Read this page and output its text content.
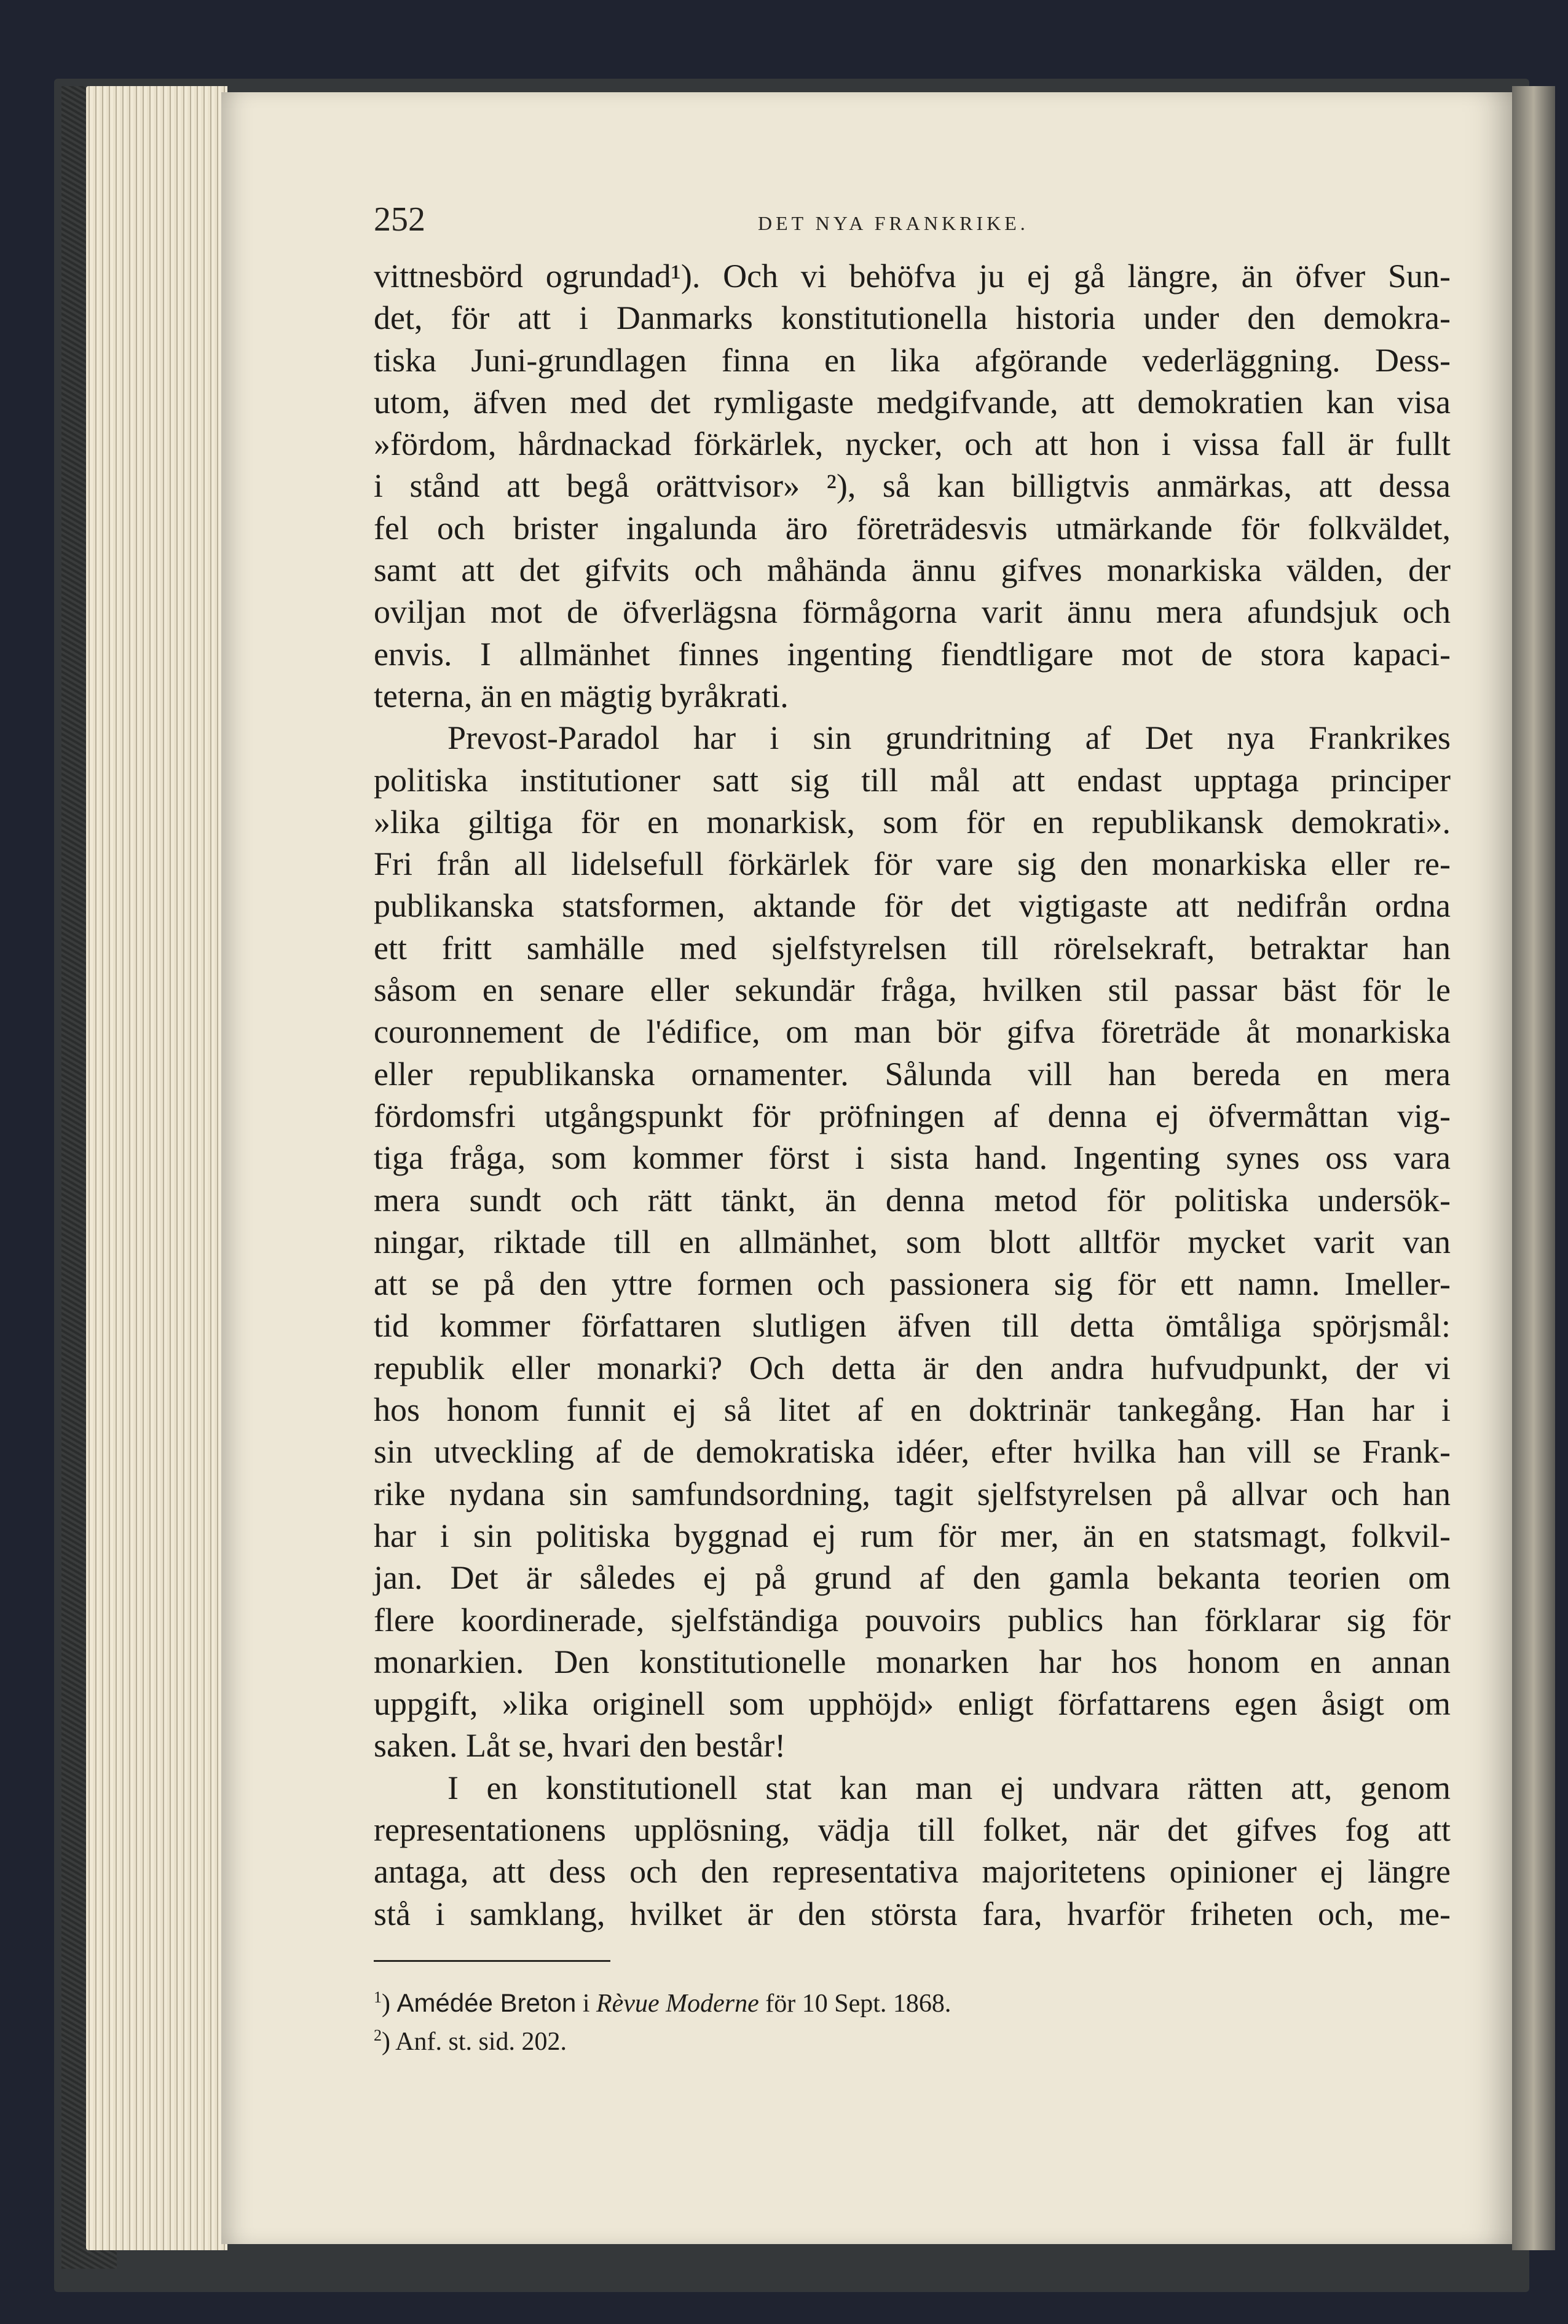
252	DET NYA FRANKRIKE.
vittnesbörd ogrundad¹). Och vi behöfva ju ej gå längre, än öfver Sun-
det, för att i Danmarks konstitutionella historia under den demokra-
tiska Juni-grundlagen finna en lika afgörande vederläggning. Dess-
utom, äfven med det rymligaste medgifvande, att demokratien kan visa
»fördom, hårdnackad förkärlek, nycker, och att hon i vissa fall är fullt
i stånd att begå orättvisor» ²), så kan billigtvis anmärkas, att dessa
fel och brister ingalunda äro företrädesvis utmärkande för folkväldet,
samt att det gifvits och måhända ännu gifves monarkiska välden, der
oviljan mot de öfverlägsna förmågorna varit ännu mera afundsjuk och
envis. I allmänhet finnes ingenting fiendtligare mot de stora kapaci-
teterna, än en mägtig byråkrati.
Prevost-Paradol har i sin grundritning af Det nya Frankrikes
politiska institutioner satt sig till mål att endast upptaga principer
»lika giltiga för en monarkisk, som för en republikansk demokrati».
Fri från all lidelsefull förkärlek för vare sig den monarkiska eller re-
publikanska statsformen, aktande för det vigtigaste att nedifrån ordna
ett fritt samhälle med sjelfstyrelsen till rörelsekraft, betraktar han
såsom en senare eller sekundär fråga, hvilken stil passar bäst för le
couronnement de l'édifice, om man bör gifva företräde åt monarkiska
eller republikanska ornamenter. Sålunda vill han bereda en mera
fördomsfri utgångspunkt för pröfningen af denna ej öfvermåttan vig-
tiga fråga, som kommer först i sista hand. Ingenting synes oss vara
mera sundt och rätt tänkt, än denna metod för politiska undersök-
ningar, riktade till en allmänhet, som blott alltför mycket varit van
att se på den yttre formen och passionera sig för ett namn. Imeller-
tid kommer författaren slutligen äfven till detta ömtåliga spörjsmål:
republik eller monarki? Och detta är den andra hufvudpunkt, der vi
hos honom funnit ej så litet af en doktrinär tankegång. Han har i
sin utveckling af de demokratiska idéer, efter hvilka han vill se Frank-
rike nydana sin samfundsordning, tagit sjelfstyrelsen på allvar och han
har i sin politiska byggnad ej rum för mer, än en statsmagt, folkvil-
jan. Det är således ej på grund af den gamla bekanta teorien om
flere koordinerade, sjelfständiga pouvoirs publics han förklarar sig för
monarkien. Den konstitutionelle monarken har hos honom en annan
uppgift, »lika originell som upphöjd» enligt författarens egen åsigt om
saken. Låt se, hvari den består!
I en konstitutionell stat kan man ej undvara rätten att, genom
representationens upplösning, vädja till folket, när det gifves fog att
antaga, att dess och den representativa majoritetens opinioner ej längre
stå i samklang, hvilket är den största fara, hvarför friheten och, me-
$^1$) Amédée Breton i Rèvue Moderne för 10 Sept. 1868.
$^2$) Anf. st. sid. 202.
